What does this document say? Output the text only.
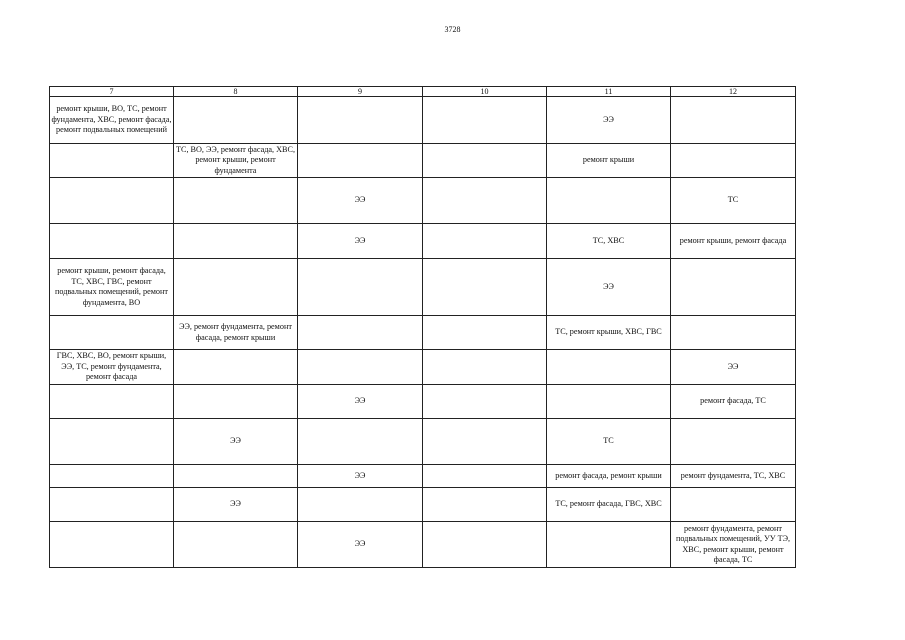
3728
7	8	9	10	11	12
ремонт крыши, ВО, ТС, ремонт фундамента, ХВС, ремонт фасада, ремонт подвальных помещений				ЭЭ	
	ТС, ВО, ЭЭ, ремонт фасада, ХВС, ремонт крыши, ремонт фундамента			ремонт крыши	
		ЭЭ			ТС
		ЭЭ		ТС, ХВС	ремонт крыши, ремонт фасада
ремонт крыши, ремонт фасада, ТС, ХВС, ГВС, ремонт подвальных помещений, ремонт фундамента, ВО				ЭЭ	
	ЭЭ, ремонт фундамента, ремонт фасада, ремонт крыши			ТС, ремонт крыши, ХВС, ГВС	
ГВС, ХВС, ВО, ремонт крыши, ЭЭ, ТС, ремонт фундамента, ремонт фасада					ЭЭ
		ЭЭ			ремонт фасада, ТС
	ЭЭ			ТС	
		ЭЭ		ремонт фасада, ремонт крыши	ремонт фундамента, ТС, ХВС
	ЭЭ			ТС, ремонт фасада, ГВС, ХВС	
		ЭЭ			ремонт фундамента, ремонт подвальных помещений, УУ ТЭ, ХВС, ремонт крыши, ремонт фасада, ТС
